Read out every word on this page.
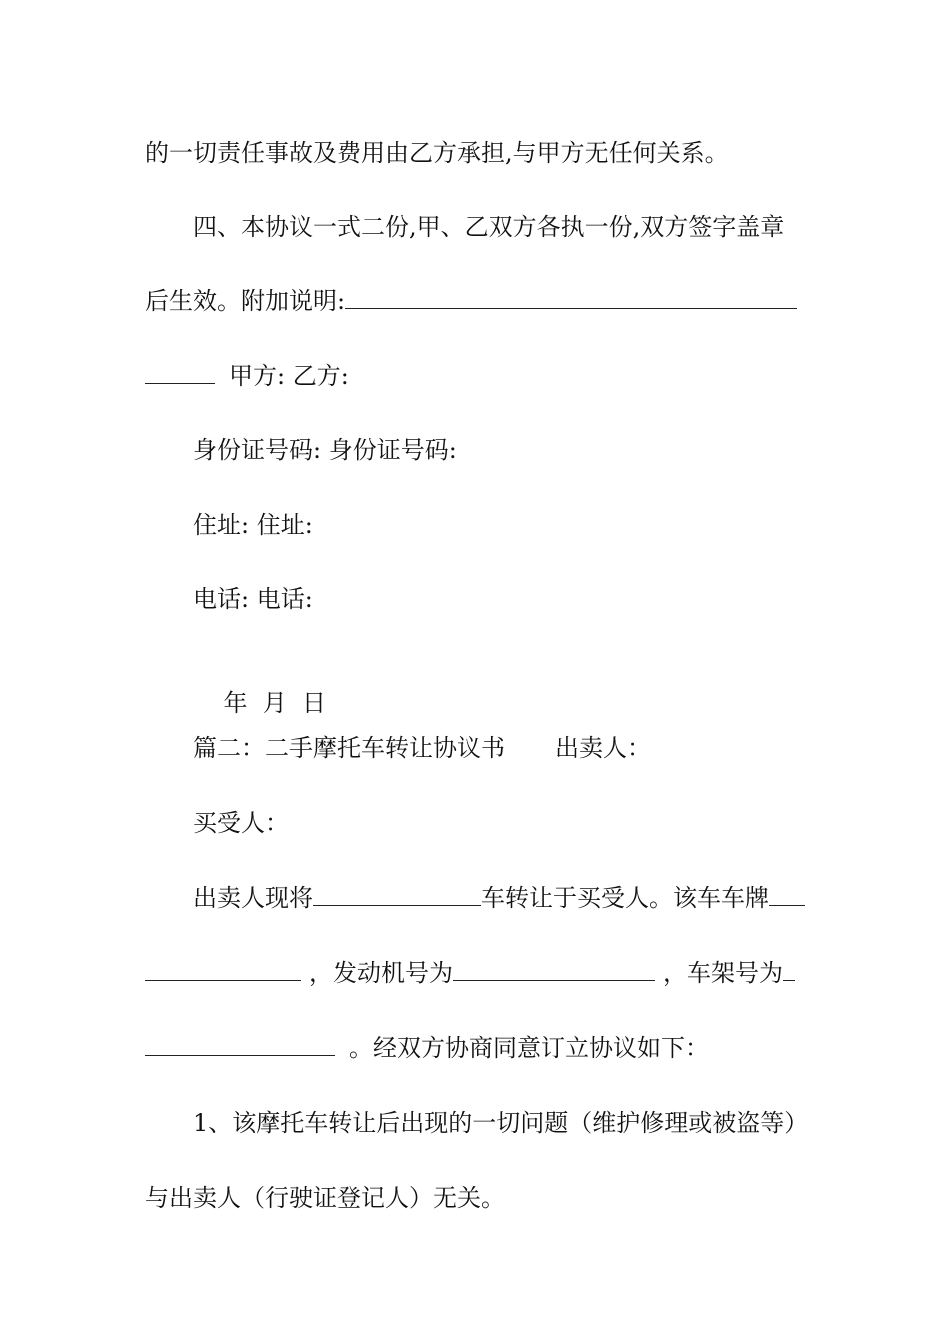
的一切责任事故及费用由乙方承担,与甲方无任何关系。
四、本协议一式二份,甲、乙双方各执一份,双方签字盖章
后生效。附加说明:
甲方: 乙方:
身份证号码: 身份证号码:
住址: 住址:
电话: 电话:

年  月  日

篇二：二手摩托车转让协议书 出卖人：
买受人：
出卖人现将	车转让于买受人。该车车牌
，发动机号为	，车架号为
。经双方协商同意订立协议如下：
1、该摩托车转让后出现的一切问题（维护修理或被盗等）
与出卖人（行驶证登记人）无关。
